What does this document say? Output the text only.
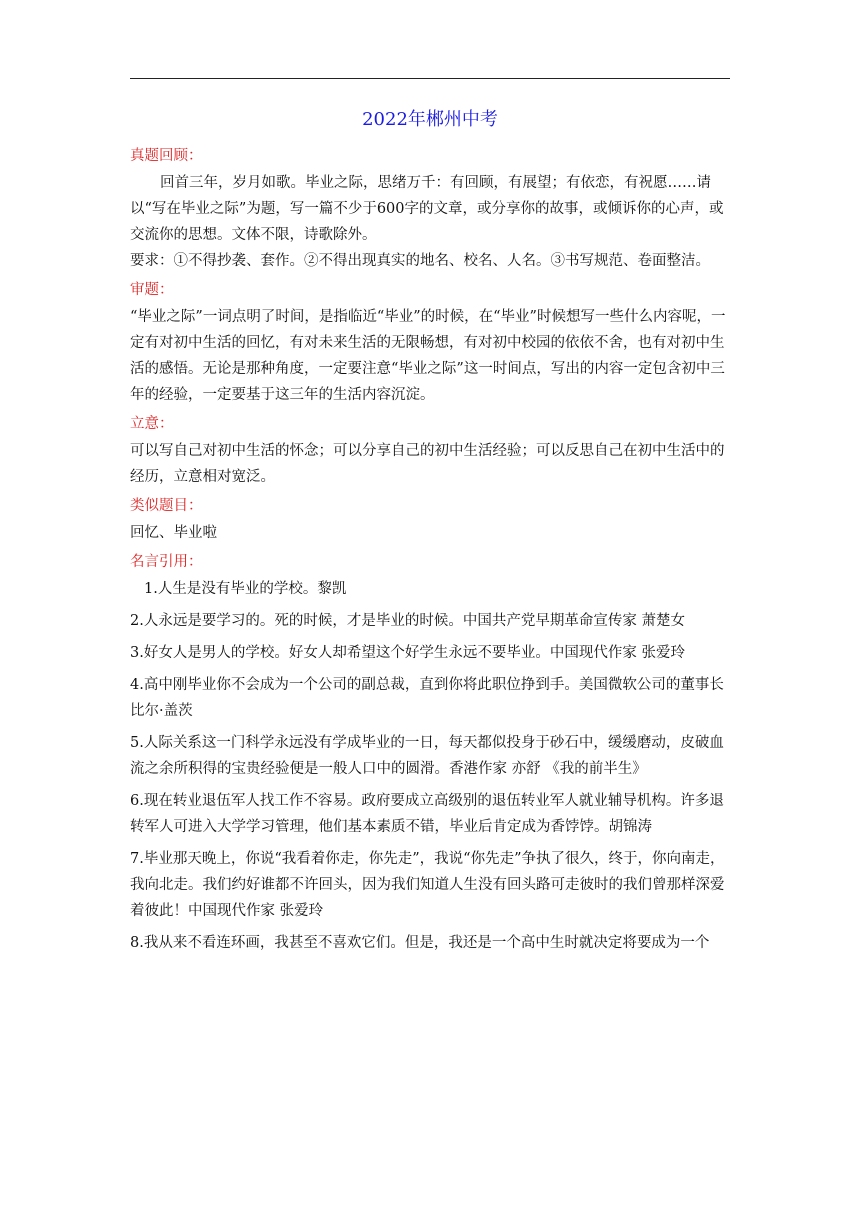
2022年郴州中考
真题回顾：

回首三年，岁月如歌。毕业之际，思绪万千：有回顾，有展望；有依恋，有祝愿……请以“写在毕业之际”为题，写一篇不少于600字的文章，或分享你的故事，或倾诉你的心声，或交流你的思想。文体不限，诗歌除外。

要求：①不得抄袭、套作。②不得出现真实的地名、校名、人名。③书写规范、卷面整洁。

审题：

“毕业之际”一词点明了时间，是指临近“毕业”的时候，在“毕业”时候想写一些什么内容呢，一定有对初中生活的回忆，有对未来生活的无限畅想，有对初中校园的依依不舍，也有对初中生活的感悟。无论是那种角度，一定要注意“毕业之际”这一时间点，写出的内容一定包含初中三年的经验，一定要基于这三年的生活内容沉淀。

立意：

可以写自己对初中生活的怀念；可以分享自己的初中生活经验；可以反思自己在初中生活中的经历，立意相对宽泛。

类似题目：

回忆、毕业啦

名言引用：

1.人生是没有毕业的学校。黎凯

2.人永远是要学习的。死的时候，才是毕业的时候。中国共产党早期革命宣传家 萧楚女

3.好女人是男人的学校。好女人却希望这个好学生永远不要毕业。中国现代作家 张爱玲

4.高中刚毕业你不会成为一个公司的副总裁，直到你将此职位挣到手。美国微软公司的董事长 比尔·盖茨

5.人际关系这一门科学永远没有学成毕业的一日，每天都似投身于砂石中，缓缓磨动，皮破血流之余所积得的宝贵经验便是一般人口中的圆滑。香港作家 亦舒 《我的前半生》

6.现在转业退伍军人找工作不容易。政府要成立高级别的退伍转业军人就业辅导机构。许多退转军人可进入大学学习管理，他们基本素质不错，毕业后肯定成为香饽饽。胡锦涛

7.毕业那天晚上，你说“我看着你走，你先走”，我说“你先走”争执了很久，终于，你向南走，我向北走。我们约好谁都不许回头，因为我们知道人生没有回头路可走彼时的我们曾那样深爱着彼此！中国现代作家 张爱玲

8.我从来不看连环画，我甚至不喜欢它们。但是，我还是一个高中生时就决定将要成为一个
